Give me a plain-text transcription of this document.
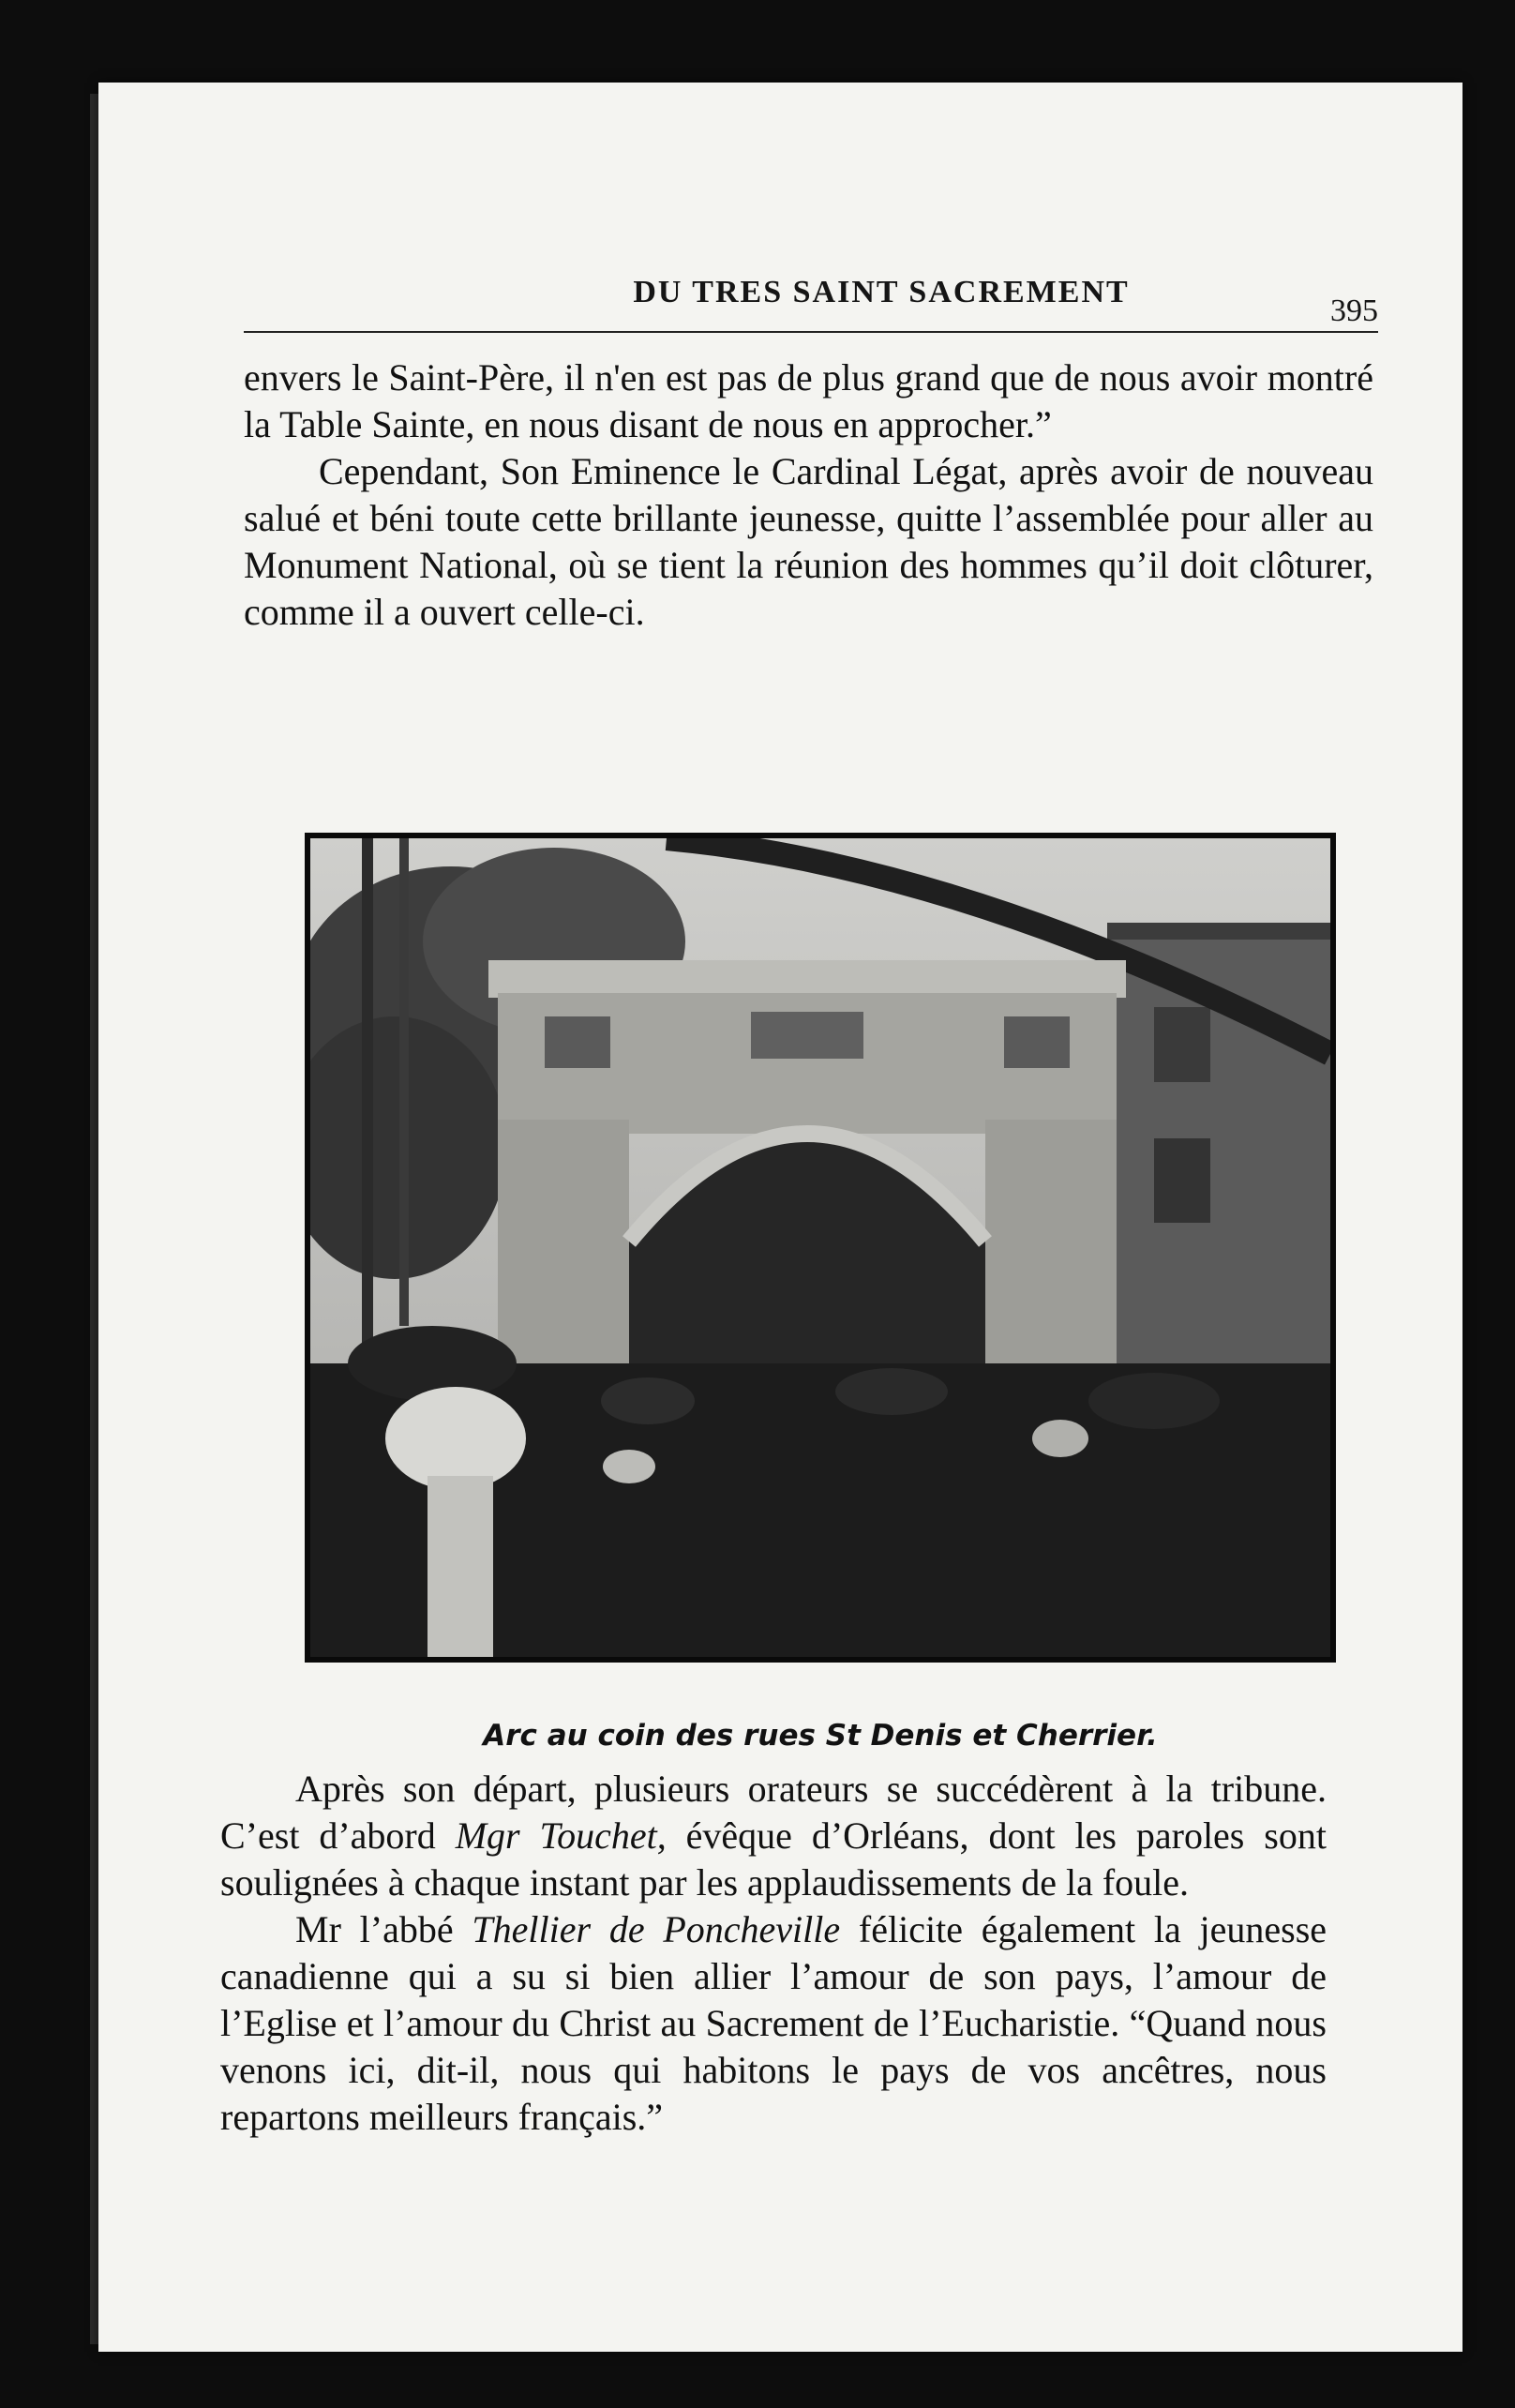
DU TRES SAINT SACREMENT
395

envers le Saint-Père, il n'en est pas de plus grand que de nous avoir montré la Table Sainte, en nous disant de nous en approcher.”

Cependant, Son Eminence le Cardinal Légat, après avoir de nouveau salué et béni toute cette brillante jeunesse, quitte l’assemblée pour aller au Monument National, où se tient la réunion des hommes qu’il doit clôturer, comme il a ouvert celle-ci.

Arc au coin des rues St Denis et Cherrier.

Après son départ, plusieurs orateurs se succédèrent à la tribune. C’est d’abord Mgr Touchet, évêque d’Orléans, dont les paroles sont soulignées à chaque instant par les applaudissements de la foule.

Mr l’abbé Thellier de Poncheville félicite également la jeunesse canadienne qui a su si bien allier l’amour de son pays, l’amour de l’Eglise et l’amour du Christ au Sacrement de l’Eucharistie. “Quand nous venons ici, dit-il, nous qui habitons le pays de vos ancêtres, nous repartons meilleurs français.”
